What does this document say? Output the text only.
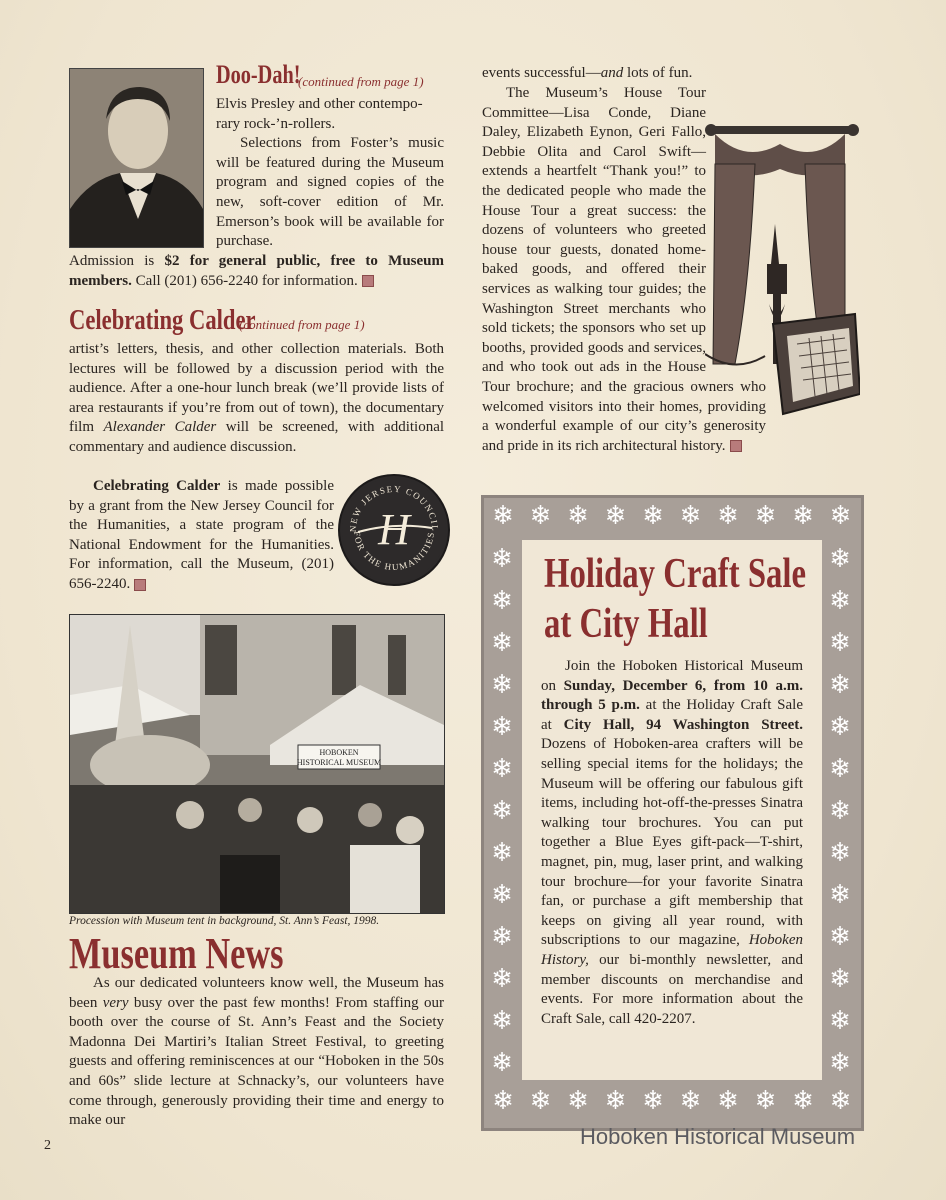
Doo-Dah!
(continued from page 1)
Elvis Presley and other contempo-
rary rock-’n-rollers.

Selections from Foster’s music will be featured during the Museum program and signed copies of the new, soft-cover edition of Mr. Emerson’s book will be available for purchase.

Admission is $2 for general public, free to Museum members. Call (201) 656-2240 for information.

Celebrating Calder
(continued from page 1)

artist’s letters, thesis, and other collection materials. Both lectures will be followed by a discussion period with the audience. After a one-hour lunch break (we’ll provide lists of area restaurants if you’re from out of town), the documentary film Alexander Calder will be screened, with additional commentary and audience discussion.

Celebrating Calder is made possible by a grant from the New Jersey Council for the Humanities, a state program of the National Endowment for the Humanities. For information, call the Museum, (201) 656-2240.

NEW JERSEY COUNCIL
FOR THE HUMANITIES
H
HOBOKEN
HISTORICAL MUSEUM
Procession with Museum tent in background, St. Ann’s Feast, 1998.
Museum News

As our dedicated volunteers know well, the Museum has been very busy over the past few months! From staffing our booth over the course of St. Ann’s Feast and the Society Madonna Dei Martiri’s Italian Street Festival, to greeting guests and offering reminiscences at our “Hoboken in the 50s and 60s” slide lecture at Schnacky’s, our volunteers have come through, generously providing their time and energy to make our

events successful—and lots of fun.

The Museum’s House Tour Committee—Lisa Conde, Diane Daley, Elizabeth Eynon, Geri Fallo, Debbie Olita and Carol Swift— extends a heartfelt “Thank you!” to the dedicated people who made the House Tour a great success: the dozens of volunteers who greeted house tour guests, donated home-baked goods, and offered their services as walking tour guides; the Washington Street merchants who sold tickets; the sponsors who set up booths, provided goods and services, and who took out ads in the House Tour brochure; and the gracious owners who welcomed visitors into their homes, providing a wonderful example of our city’s generosity and pride in its rich architectural history.

❄
❄
❄
❄
❄
❄
❄
❄
❄
❄
❄
❄
❄
❄
❄
❄
❄
❄
❄
❄
❄	❄
❄	❄
❄	❄
❄	❄
❄	❄
❄	❄
❄	❄
❄	❄
❄	❄
❄	❄
❄	❄
❄	❄
❄	❄
Holiday Craft Sale
at City Hall

Join the Hoboken Historical Museum on Sunday, December 6, from 10 a.m. through 5 p.m. at the Holiday Craft Sale at City Hall, 94 Washington Street. Dozens of Hoboken-area crafters will be selling special items for the holidays; the Museum will be offering our fabulous gift items, including hot-off-the-presses Sinatra walking tour brochures. You can put together a Blue Eyes gift-pack—T-shirt, magnet, pin, mug, laser print, and walking tour brochure—for your favorite Sinatra fan, or purchase a gift membership that keeps on giving all year round, with subscriptions to our magazine, Hoboken History, our bi-monthly newsletter, and member discounts on merchandise and events. For more information about the Craft Sale, call 420-2207.

2	Hoboken Historical Museum
